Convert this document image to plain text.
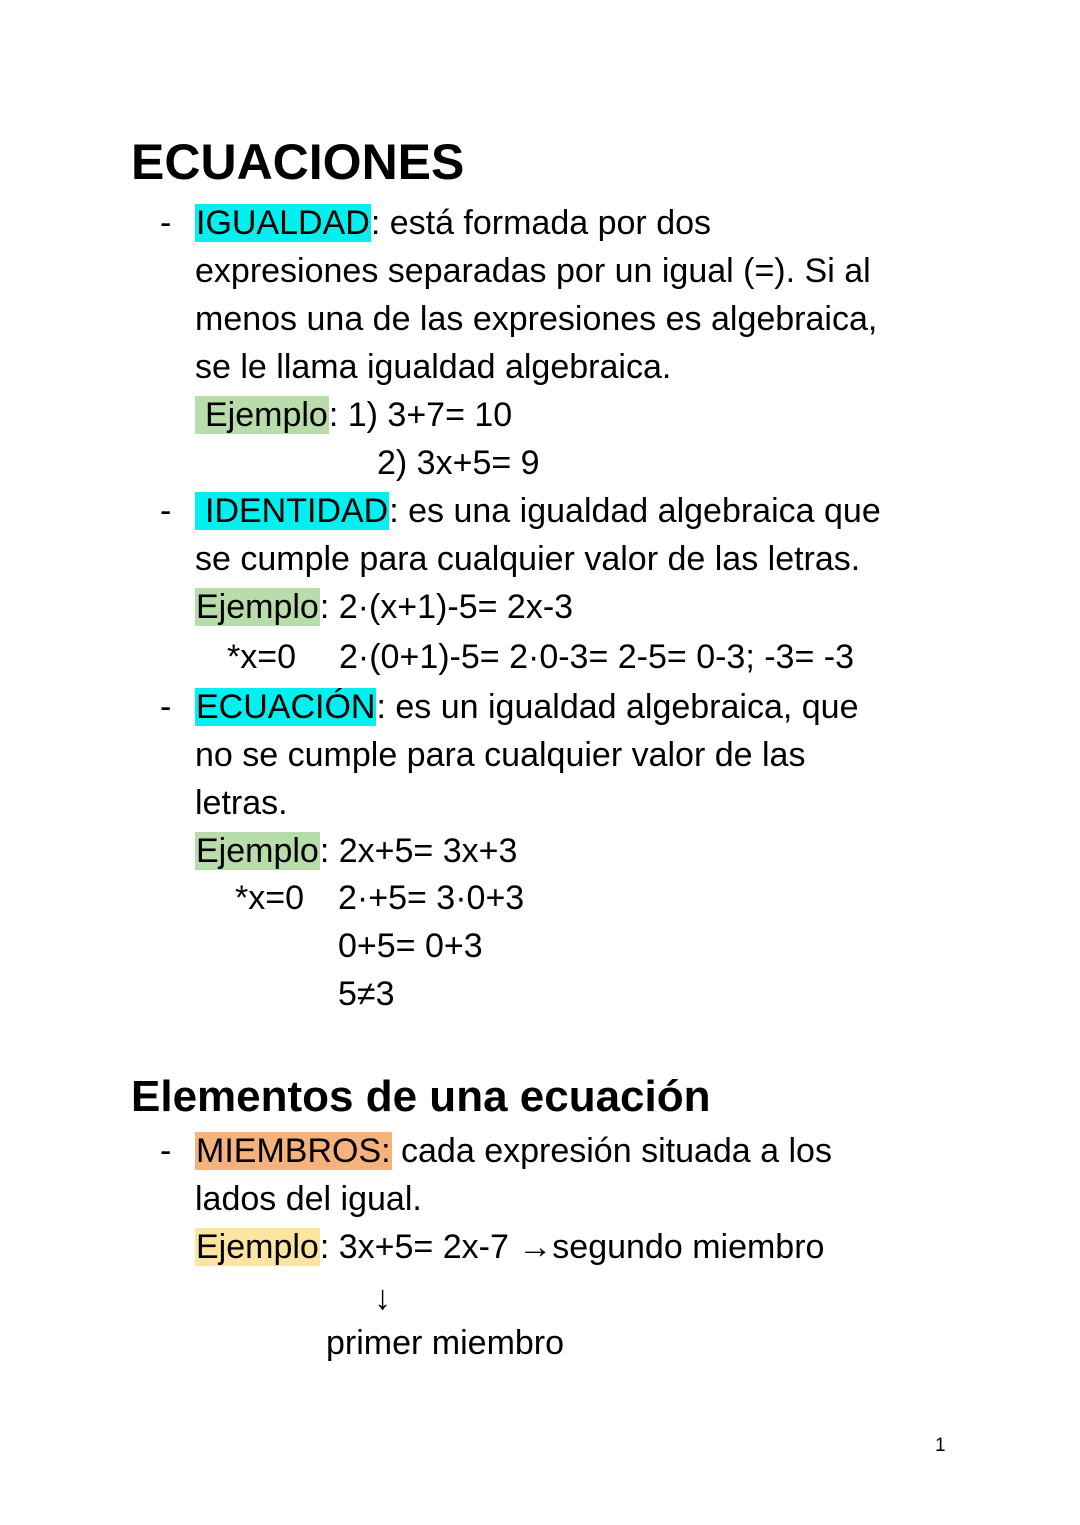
ECUACIONES
- IGUALDAD: está formada por dos
expresiones separadas por un igual (=). Si al
menos una de las expresiones es algebraica,
se le llama igualdad algebraica.
Ejemplo: 1) 3+7= 10
2) 3x+5= 9
- IDENTIDAD: es una igualdad algebraica que
se cumple para cualquier valor de las letras.
Ejemplo: 2·(x+1)-5= 2x-3
*x=0 2·(0+1)-5= 2·0-3= 2-5= 0-3; -3= -3
- ECUACIÓN: es un igualdad algebraica, que
no se cumple para cualquier valor de las
letras.
Ejemplo: 2x+5= 3x+3
*x=0 2·+5= 3·0+3
0+5= 0+3
5≠3
Elementos de una ecuación
- MIEMBROS: cada expresión situada a los
lados del igual.
Ejemplo: 3x+5= 2x-7 →segundo miembro
↓
primer miembro
1
